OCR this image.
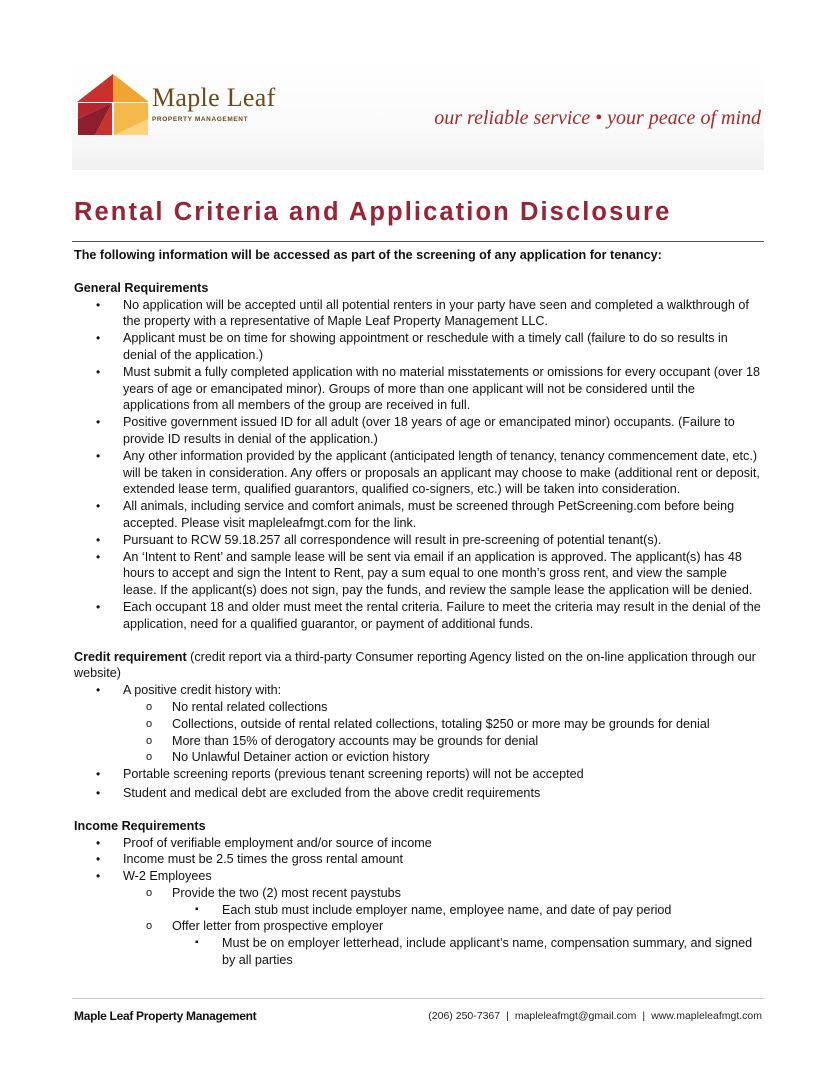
Maple Leaf
PROPERTY MANAGEMENT	our reliable service • your peace of mind
Rental Criteria and Application Disclosure

The following information will be accessed as part of the screening of any application for tenancy:

General Requirements

• No application will be accepted until all potential renters in your party have seen and completed a walkthrough of the property with a representative of Maple Leaf Property Management LLC.
• Applicant must be on time for showing appointment or reschedule with a timely call (failure to do so results in denial of the application.)
• Must submit a fully completed application with no material misstatements or omissions for every occupant (over 18 years of age or emancipated minor). Groups of more than one applicant will not be considered until the applications from all members of the group are received in full.
• Positive government issued ID for all adult (over 18 years of age or emancipated minor) occupants. (Failure to provide ID results in denial of the application.)
• Any other information provided by the applicant (anticipated length of tenancy, tenancy commencement date, etc.) will be taken in consideration. Any offers or proposals an applicant may choose to make (additional rent or deposit, extended lease term, qualified guarantors, qualified co-signers, etc.) will be taken into consideration.
• All animals, including service and comfort animals, must be screened through PetScreening.com before being accepted. Please visit mapleleafmgt.com for the link.
• Pursuant to RCW 59.18.257 all correspondence will result in pre-screening of potential tenant(s).
• An ‘Intent to Rent’ and sample lease will be sent via email if an application is approved. The applicant(s) has 48 hours to accept and sign the Intent to Rent, pay a sum equal to one month’s gross rent, and view the sample lease. If the applicant(s) does not sign, pay the funds, and review the sample lease the application will be denied.
• Each occupant 18 and older must meet the rental criteria. Failure to meet the criteria may result in the denial of the application, need for a qualified guarantor, or payment of additional funds.

Credit requirement (credit report via a third-party Consumer reporting Agency listed on the on-line application through our website)

• A positive credit history with:
o No rental related collections
o Collections, outside of rental related collections, totaling $250 or more may be grounds for denial
o More than 15% of derogatory accounts may be grounds for denial
o No Unlawful Detainer action or eviction history
• Portable screening reports (previous tenant screening reports) will not be accepted
• Student and medical debt are excluded from the above credit requirements

Income Requirements

• Proof of verifiable employment and/or source of income
• Income must be 2.5 times the gross rental amount
• W-2 Employees
o Provide the two (2) most recent paystubs
▪ Each stub must include employer name, employee name, and date of pay period
o Offer letter from prospective employer
▪ Must be on employer letterhead, include applicant’s name, compensation summary, and signed by all parties
Maple Leaf Property Management	(206) 250-7367 | mapleleafmgt@gmail.com | www.mapleleafmgt.com
